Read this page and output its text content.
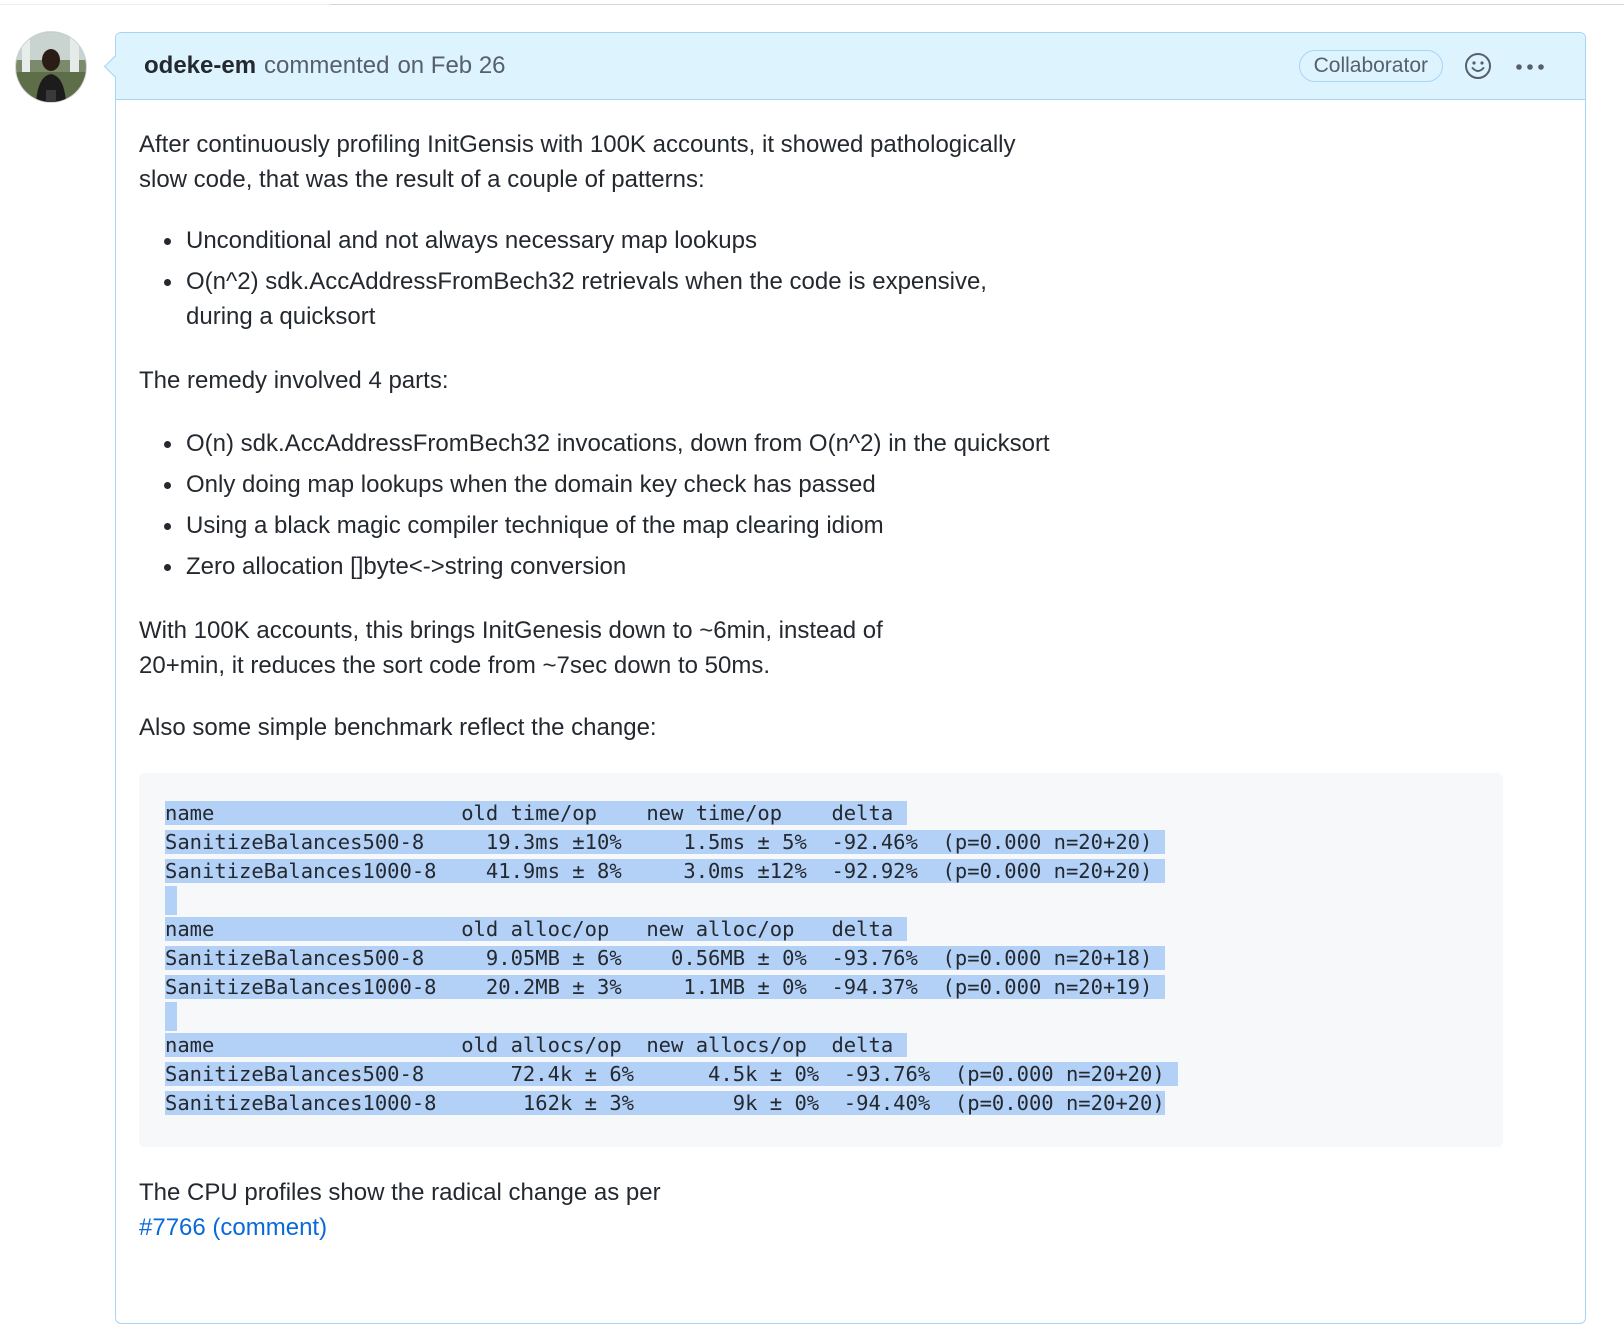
odeke-em commented on Feb 26	Collaborator

After continuously profiling InitGensis with 100K accounts, it showed pathologically slow code, that was the result of a couple of patterns:

Unconditional and not always necessary map lookups
O(n^2) sdk.AccAddressFromBech32 retrievals when the code is expensive, during a quicksort

The remedy involved 4 parts:

O(n) sdk.AccAddressFromBech32 invocations, down from O(n^2) in the quicksort
Only doing map lookups when the domain key check has passed
Using a black magic compiler technique of the map clearing idiom
Zero allocation []byte<->string conversion

With 100K accounts, this brings InitGenesis down to ~6min, instead of 20+min, it reduces the sort code from ~7sec down to 50ms.

Also some simple benchmark reflect the change:

name                    old time/op    new time/op    delta
SanitizeBalances500-8     19.3ms ±10%     1.5ms ± 5%  -92.46%  (p=0.000 n=20+20)
SanitizeBalances1000-8    41.9ms ± 8%     3.0ms ±12%  -92.92%  (p=0.000 n=20+20)
name                    old alloc/op   new alloc/op   delta
SanitizeBalances500-8     9.05MB ± 6%    0.56MB ± 0%  -93.76%  (p=0.000 n=20+18)
SanitizeBalances1000-8    20.2MB ± 3%     1.1MB ± 0%  -94.37%  (p=0.000 n=20+19)
name                    old allocs/op  new allocs/op  delta
SanitizeBalances500-8       72.4k ± 6%      4.5k ± 0%  -93.76%  (p=0.000 n=20+20)
SanitizeBalances1000-8       162k ± 3%        9k ± 0%  -94.40%  (p=0.000 n=20+20)
The CPU profiles show the radical change as per
#7766 (comment)
